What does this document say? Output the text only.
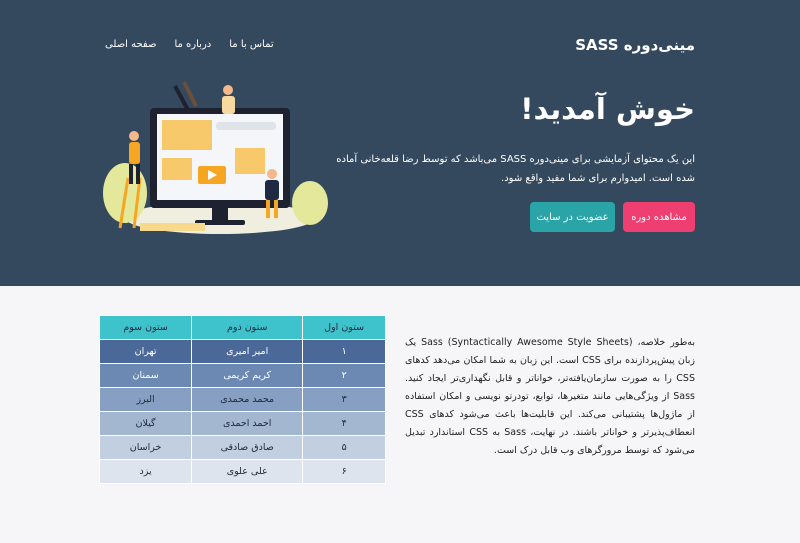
مینی‌دوره SASS
صفحه اصلی درباره ما تماس با ما
خوش آمدید!

این یک محتوای آزمایشی برای مینی‌دوره SASS می‌باشد که توسط رضا قلعه‌خانی آماده شده است. امیدوارم برای شما مفید واقع شود.

مشاهده دوره
عضویت در سایت

به‌طور خلاصه، Sass (Syntactically Awesome Style Sheets) یک زبان پیش‌پردازنده برای CSS است. این زبان به شما امکان می‌دهد کدهای CSS را به صورت سازمان‌یافته‌تر، خواناتر و قابل نگهداری‌تر ایجاد کنید. Sass از ویژگی‌هایی مانند متغیرها، توابع، تودرتو نویسی و امکان استفاده از ماژول‌ها پشتیبانی می‌کند. این قابلیت‌ها باعث می‌شود کدهای CSS انعطاف‌پذیرتر و خواناتر باشند. در نهایت، Sass به CSS استاندارد تبدیل می‌شود که توسط مرورگرهای وب قابل درک است.

ستون اول	ستون دوم	ستون سوم
۱	امیر امیری	تهران
۲	کریم کریمی	سمنان
۳	محمد محمدی	البرز
۴	احمد احمدی	گیلان
۵	صادق صادقی	خراسان
۶	علی علوی	یزد
